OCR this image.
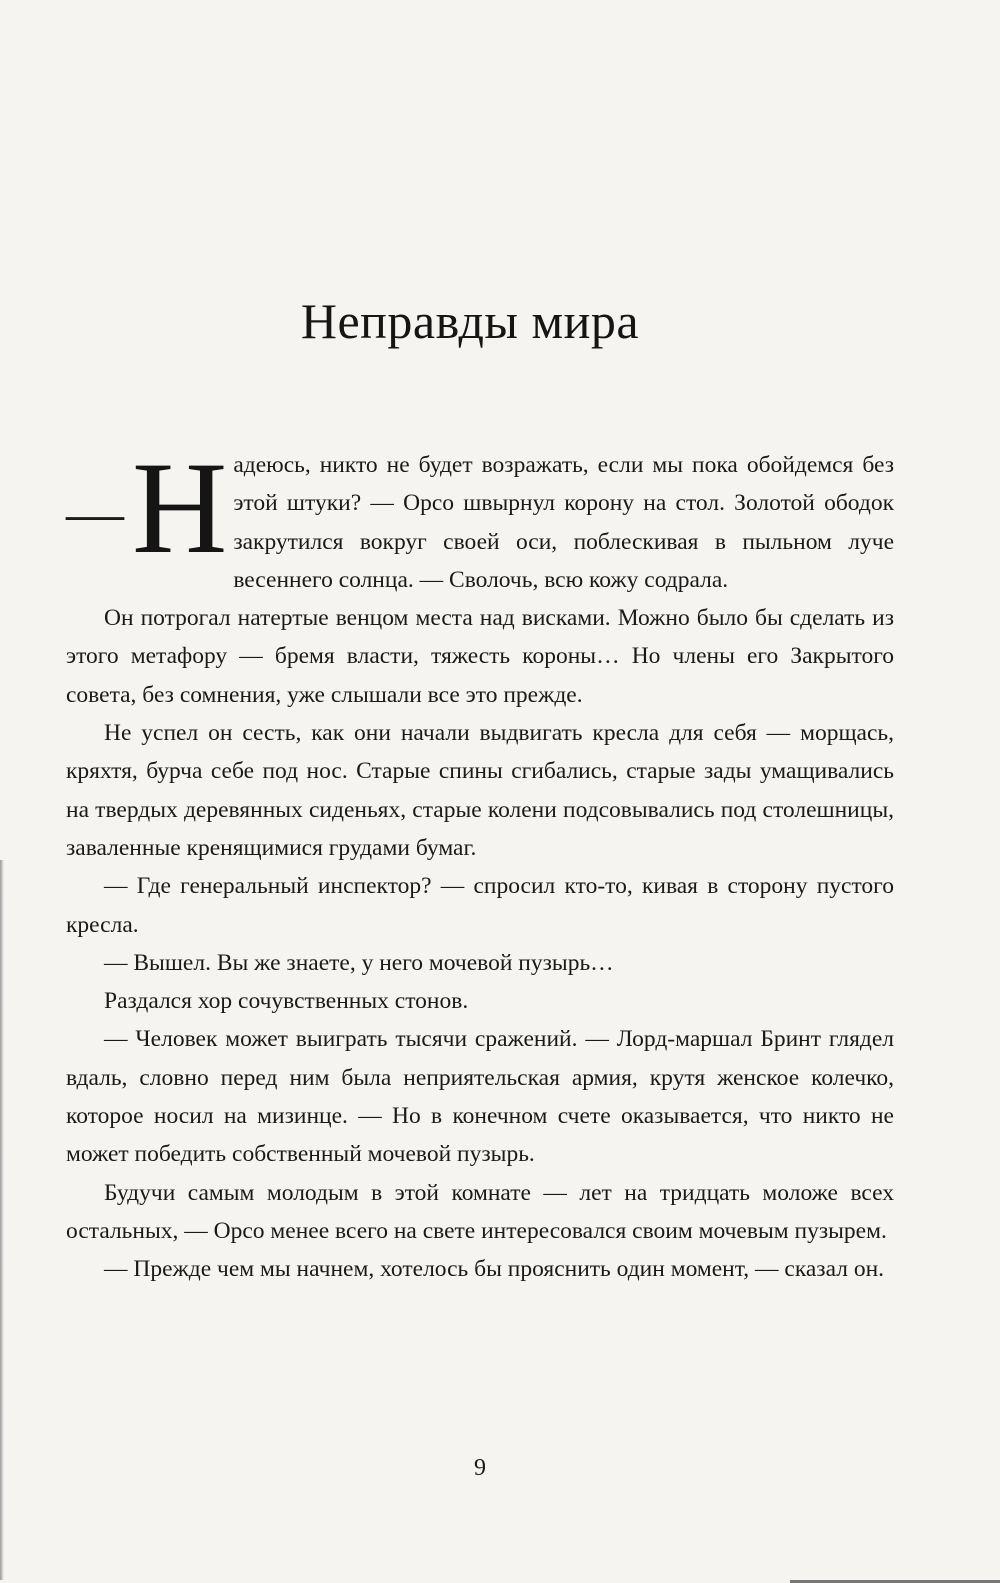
Неправды мира

— Н адеюсь, никто не будет возражать, если мы пока обойдемся без этой штуки? — Орсо швырнул корону на стол. Золотой ободок закрутился вокруг своей оси, поблескивая в пыльном луче весеннего солнца. — Сволочь, всю кожу содрала.

Он потрогал натертые венцом места над висками. Можно было бы сделать из этого метафору — бремя власти, тяжесть короны… Но члены его Закрытого совета, без сомнения, уже слышали все это прежде.

Не успел он сесть, как они начали выдвигать кресла для себя — морщась, кряхтя, бурча себе под нос. Старые спины сгибались, старые зады умащивались на твердых деревянных сиденьях, старые колени подсовывались под столешницы, заваленные кренящимися грудами бумаг.

— Где генеральный инспектор? — спросил кто-то, кивая в сторону пустого кресла.

— Вышел. Вы же знаете, у него мочевой пузырь…

Раздался хор сочувственных стонов.

— Человек может выиграть тысячи сражений. — Лорд-маршал Бринт глядел вдаль, словно перед ним была неприятельская армия, крутя женское колечко, которое носил на мизинце. — Но в конечном счете оказывается, что никто не может победить собственный мочевой пузырь.

Будучи самым молодым в этой комнате — лет на тридцать моложе всех остальных, — Орсо менее всего на свете интересовался своим мочевым пузырем.

— Прежде чем мы начнем, хотелось бы прояснить один момент, — сказал он.

9
